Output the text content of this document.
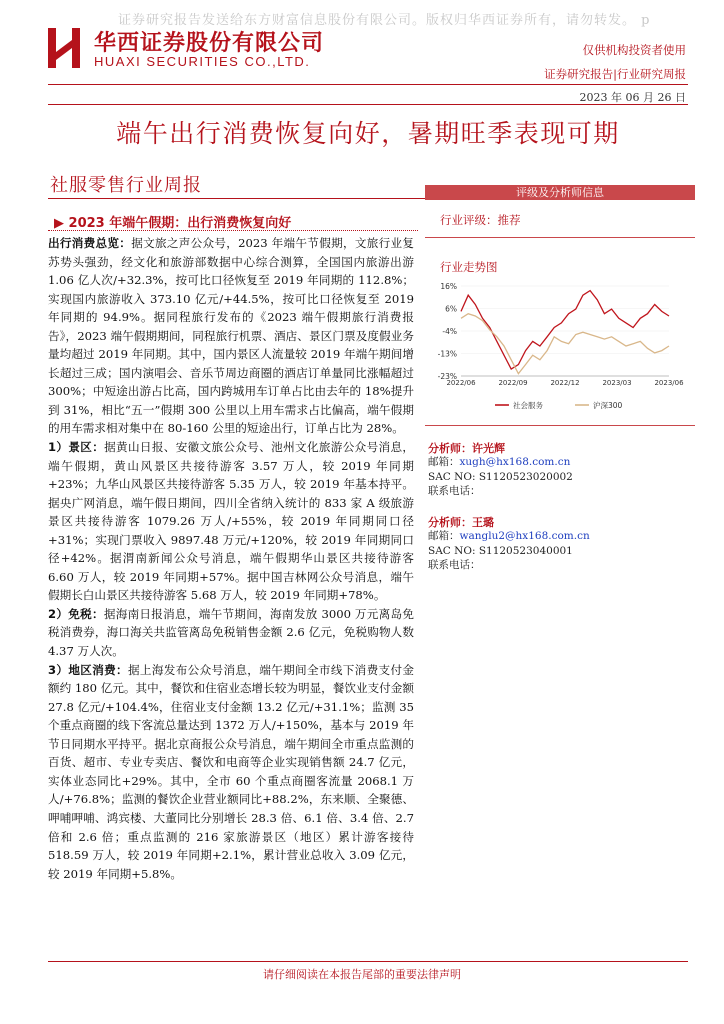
证券研究报告发送给东方财富信息股份有限公司。版权归华西证券所有，请勿转发。 p
华西证券股份有限公司
HUAXI SECURITIES CO.,LTD.
仅供机构投资者使用
证券研究报告|行业研究周报
2023 年 06 月 26 日
端午出行消费恢复向好，暑期旺季表现可期
社服零售行业周报
▶ 2023 年端午假期：出行消费恢复向好

出行消费总览：据文旅之声公众号，2023 年端午节假期，文旅行业复苏势头强劲，经文化和旅游部数据中心综合测算，全国国内旅游出游 1.06 亿人次/+32.3%，按可比口径恢复至 2019 年同期的 112.8%；实现国内旅游收入 373.10 亿元/+44.5%，按可比口径恢复至 2019 年同期的 94.9%。据同程旅行发布的《2023 端午假期旅行消费报告》，2023 端午假期期间，同程旅行机票、酒店、景区门票及度假业务量均超过 2019 年同期。其中，国内景区人流量较 2019 年端午期间增长超过三成；国内演唱会、音乐节周边商圈的酒店订单量同比涨幅超过 300%；中短途出游占比高，国内跨城用车订单占比由去年的 18%提升到 31%，相比“五一”假期 300 公里以上用车需求占比偏高，端午假期的用车需求相对集中在 80-160 公里的短途出行，订单占比为 28%。

1）景区：据黄山日报、安徽文旅公众号、池州文化旅游公众号消息，端午假期，黄山风景区共接待游客 3.57 万人，较 2019 年同期+23%；九华山风景区共接待游客 5.35 万人，较 2019 年基本持平。据央广网消息，端午假日期间，四川全省纳入统计的 833 家 A 级旅游景区共接待游客 1079.26 万人/+55%，较 2019 年同期同口径+31%；实现门票收入 9897.48 万元/+120%，较 2019 年同期同口径+42%。据渭南新闻公众号消息，端午假期华山景区共接待游客 6.60 万人，较 2019 年同期+57%。据中国吉林网公众号消息，端午假期长白山景区共接待游客 5.68 万人，较 2019 年同期+78%。

2）免税：据海南日报消息，端午节期间，海南发放 3000 万元离岛免税消费券，海口海关共监管离岛免税销售金额 2.6 亿元，免税购物人数 4.37 万人次。

3）地区消费：据上海发布公众号消息，端午期间全市线下消费支付金额约 180 亿元。其中，餐饮和住宿业态增长较为明显，餐饮业支付金额 27.8 亿元/+104.4%，住宿业支付金额 13.2 亿元/+31.1%；监测 35 个重点商圈的线下客流总量达到 1372 万人/+150%，基本与 2019 年节日同期水平持平。据北京商报公众号消息，端午期间全市重点监测的百货、超市、专业专卖店、餐饮和电商等企业实现销售额 24.7 亿元，实体业态同比+29%。其中，全市 60 个重点商圈客流量 2068.1 万人/+76.8%；监测的餐饮企业营业额同比+88.2%，东来顺、全聚德、呷哺呷哺、鸿宾楼、大董同比分别增长 28.3 倍、6.1 倍、3.4 倍、2.7 倍和 2.6 倍；重点监测的 216 家旅游景区（地区）累计游客接待 518.59 万人，较 2019 年同期+2.1%，累计营业总收入 3.09 亿元，较 2019 年同期+5.8%。

评级及分析师信息
行业评级：推荐
行业走势图
16%
6%
-4%
-13%
-23%
2022/06	2022/09	2022/12	2023/03	2023/06
社会服务	沪深300
分析师：许光辉
邮箱：xugh@hx168.com.cn
SAC NO: S1120523020002
联系电话：
分析师：王璐
邮箱：wanglu2@hx168.com.cn
SAC NO: S1120523040001
联系电话：
请仔细阅读在本报告尾部的重要法律声明
